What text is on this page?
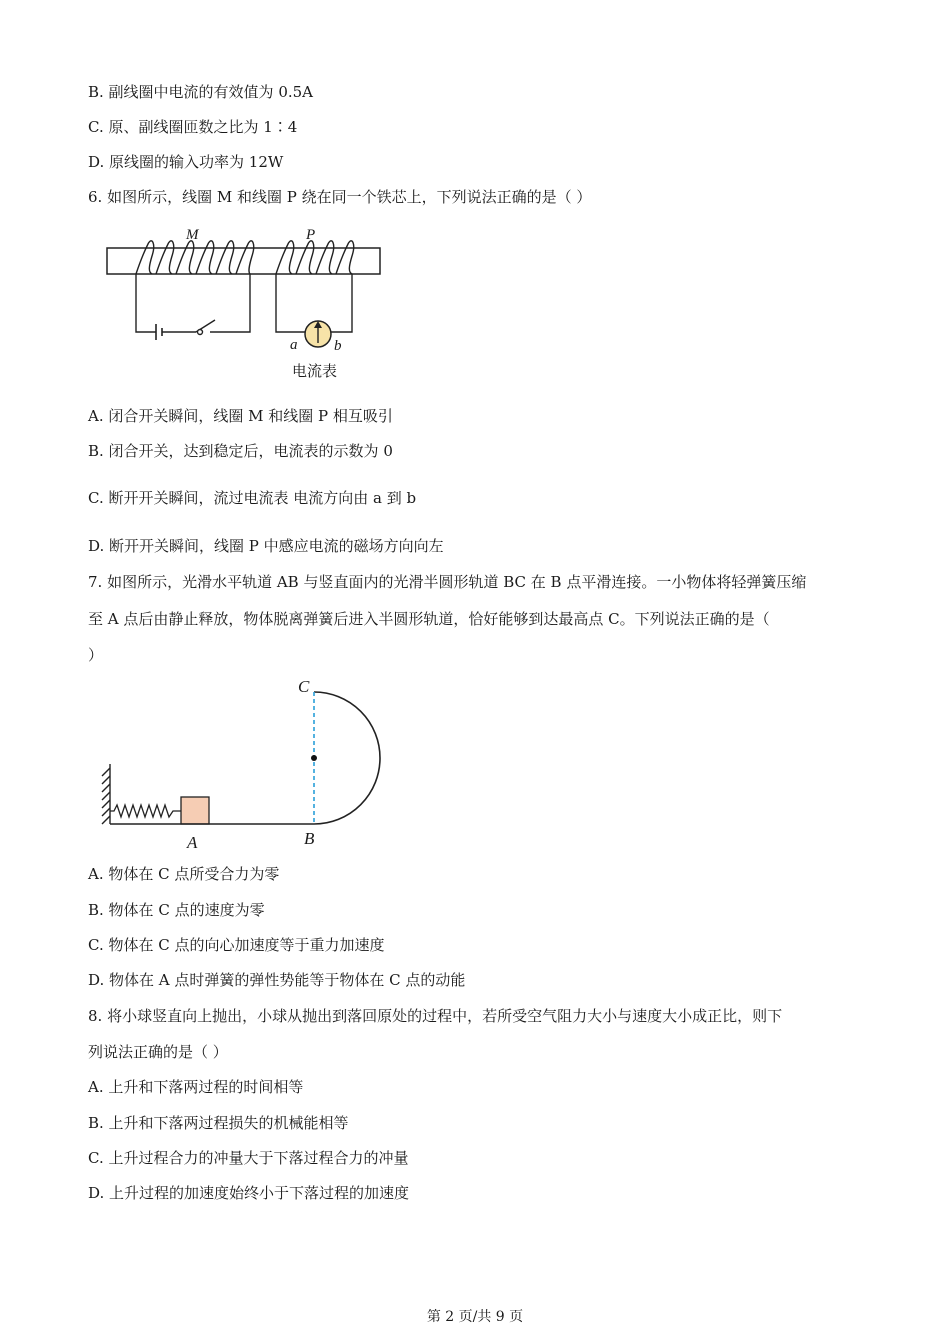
B. 副线圈中电流的有效值为 0.5A
C. 原、副线圈匝数之比为 1∶4
D. 原线圈的输入功率为 12W
6. 如图所示，线圈 M 和线圈 P 绕在同一个铁芯上，下列说法正确的是（ ）
M	P
a b
电流表
A. 闭合开关瞬间，线圈 M 和线圈 P 相互吸引
B. 闭合开关，达到稳定后，电流表的示数为 0
C. 断开开关瞬间，流过电流表 电流方向由 a 到 b
D. 断开开关瞬间，线圈 P 中感应电流的磁场方向向左
7. 如图所示，光滑水平轨道 AB 与竖直面内的光滑半圆形轨道 BC 在 B 点平滑连接。一小物体将轻弹簧压缩
至 A 点后由静止释放，物体脱离弹簧后进入半圆形轨道，恰好能够到达最高点 C。下列说法正确的是（
）
C
A	B
A. 物体在 C 点所受合力为零
B. 物体在 C 点的速度为零
C. 物体在 C 点的向心加速度等于重力加速度
D. 物体在 A 点时弹簧的弹性势能等于物体在 C 点的动能
8. 将小球竖直向上抛出，小球从抛出到落回原处的过程中，若所受空气阻力大小与速度大小成正比，则下
列说法正确的是（ ）
A. 上升和下落两过程的时间相等
B. 上升和下落两过程损失的机械能相等
C. 上升过程合力的冲量大于下落过程合力的冲量
D. 上升过程的加速度始终小于下落过程的加速度
第 2 页/共 9 页
